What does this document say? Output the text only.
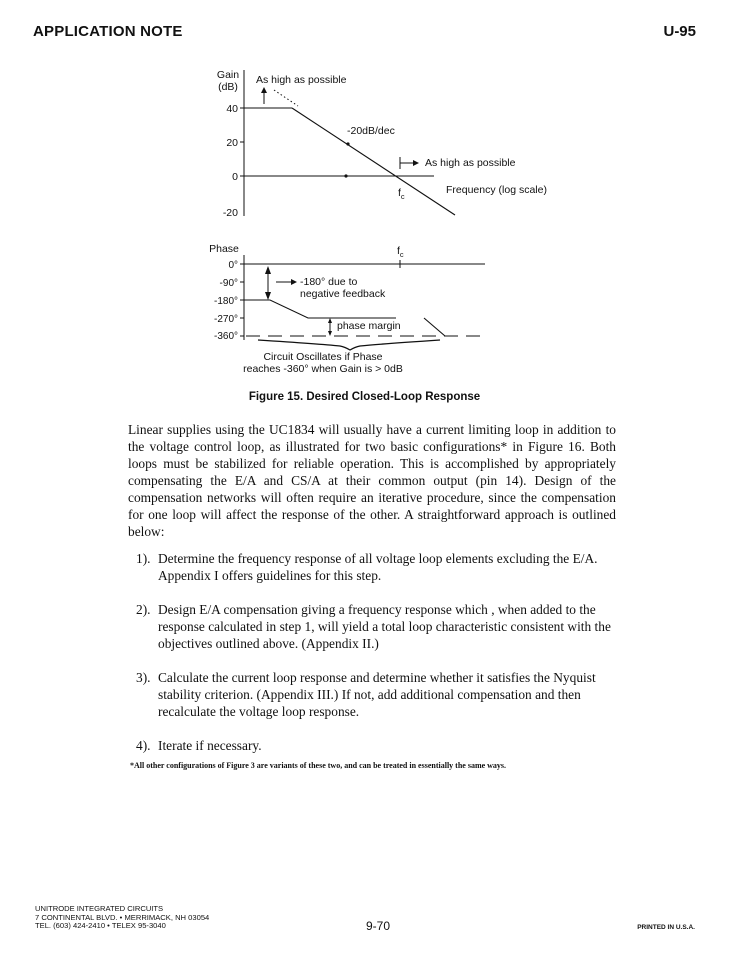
APPLICATION NOTE	U-95
Gain
(dB)
40
20
0
-20
As high as possible
-20dB/dec
As high as possible
Frequency (log scale)
$f_c$
Phase	$f_c$
0°
-90°
-180°
-270°
-360°
-180° due to
negative feedback
phase margin
Circuit Oscillates if Phase
reaches -360° when Gain is > 0dB
Figure 15. Desired Closed-Loop Response
Linear supplies using the UC1834 will usually have a current limiting loop in addition to the voltage control loop, as illustrated for two basic configurations* in Figure 16. Both loops must be stabilized for reliable operation. This is accomplished by appropriately compensating the E/A and CS/A at their common output (pin 14). Design of the compensation networks will often require an iterative procedure, since the compensation for one loop will affect the response of the other. A straightforward approach is outlined below:
1). Determine the frequency response of all voltage loop elements excluding the E/A. Appendix I offers guidelines for this step.
2). Design E/A compensation giving a frequency response which , when added to the response calculated in step 1, will yield a total loop characteristic consistent with the objectives outlined above. (Appendix II.)
3). Calculate the current loop response and determine whether it satisfies the Nyquist stability criterion. (Appendix III.) If not, add additional compensation and then recalculate the voltage loop response.
4). Iterate if necessary.
*All other configurations of Figure 3 are variants of these two, and can be treated in essentially the same ways.
UNITRODE INTEGRATED CIRCUITS
7 CONTINENTAL BLVD. • MERRIMACK, NH 03054
TEL. (603) 424-2410 • TELEX 95-3040	9-70	PRINTED IN U.S.A.
